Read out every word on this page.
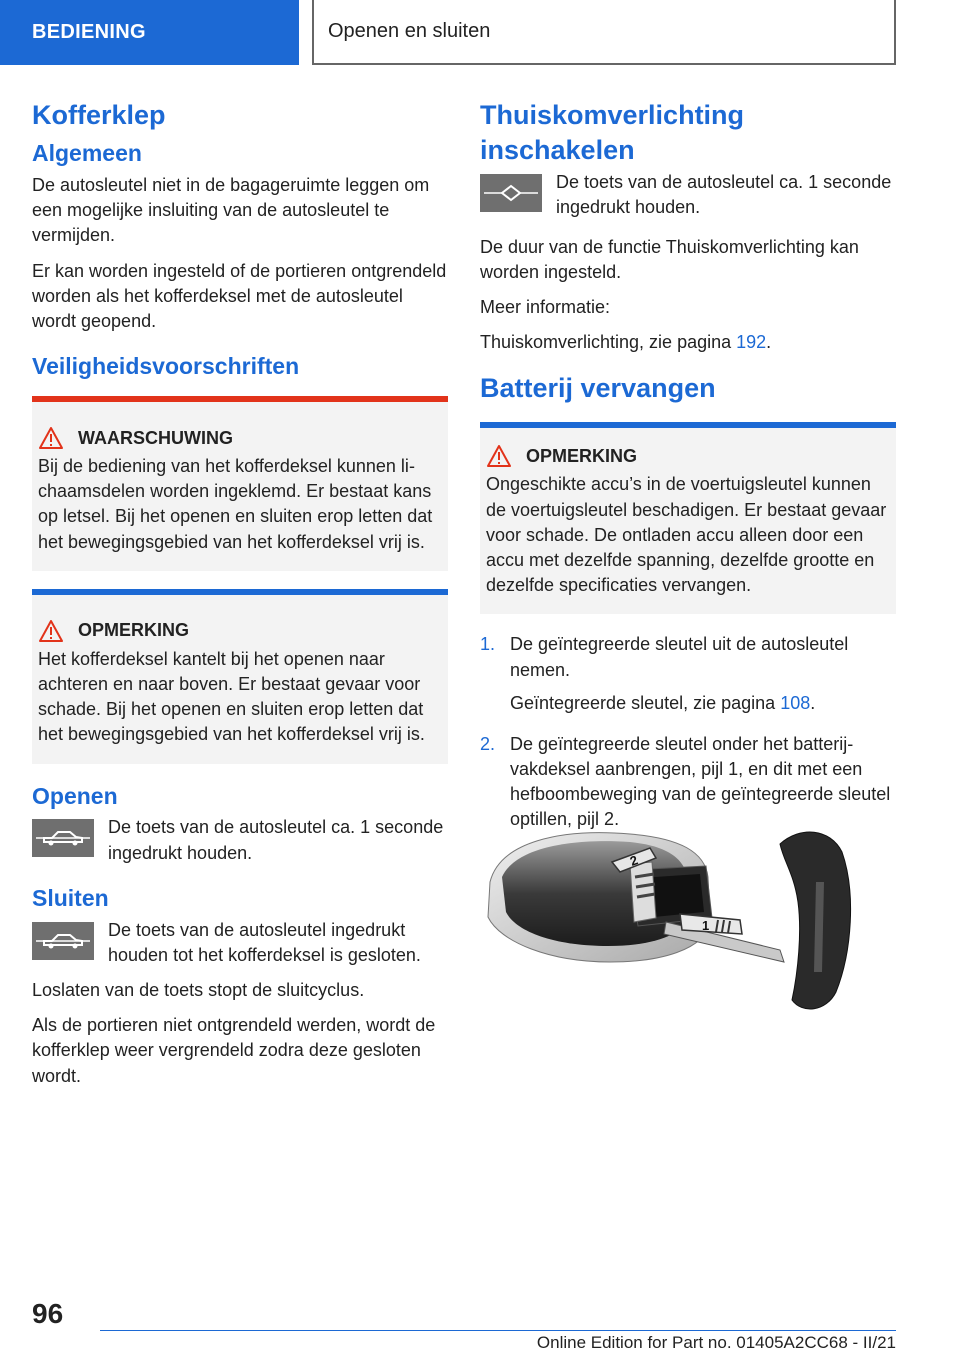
BEDIENING	Openen en sluiten
Kofferklep
Algemeen

De autosleutel niet in de bagageruimte leggen om een mogelijke insluiting van de autosleutel te vermijden.

Er kan worden ingesteld of de portieren ontgrendeld worden als het kofferdeksel met de autosleutel wordt geopend.

Veiligheidsvoorschriften
WAARSCHUWING

Bij de bediening van het kofferdeksel kunnen lichaamsdelen worden ingeklemd. Er bestaat kans op letsel. Bij het openen en sluiten erop letten dat het bewegingsgebied van het kofferdeksel vrij is.

OPMERKING

Het kofferdeksel kantelt bij het openen naar achteren en naar boven. Er bestaat gevaar voor schade. Bij het openen en sluiten erop letten dat het bewegingsgebied van het kofferdeksel vrij is.

Openen

De toets van de autosleutel ca. 1 seconde ingedrukt houden.

Sluiten

De toets van de autosleutel ingedrukt houden tot het kofferdeksel is gesloten.

Loslaten van de toets stopt de sluitcyclus.

Als de portieren niet ontgrendeld werden, wordt de kofferklep weer vergrendeld zodra deze gesloten wordt.

Thuiskomverlichting inschakelen

De toets van de autosleutel ca. 1 seconde ingedrukt houden.

De duur van de functie Thuiskomverlichting kan worden ingesteld.

Meer informatie:

Thuiskomverlichting, zie pagina 192.

Batterij vervangen
OPMERKING

Ongeschikte accu’s in de voertuigsleutel kunnen de voertuigsleutel beschadigen. Er bestaat gevaar voor schade. De ontladen accu alleen door een accu met dezelfde spanning, dezelfde grootte en dezelfde specificaties vervangen.

1. De geïntegreerde sleutel uit de autosleutel nemen.

Geïntegreerde sleutel, zie pagina 108.

2. De geïntegreerde sleutel onder het batterijvakdeksel aanbrengen, pijl 1, en dit met een hefboombeweging van de geïntegreerde sleutel optillen, pijl 2.

2
1
96
Online Edition for Part no. 01405A2CC68 - II/21
